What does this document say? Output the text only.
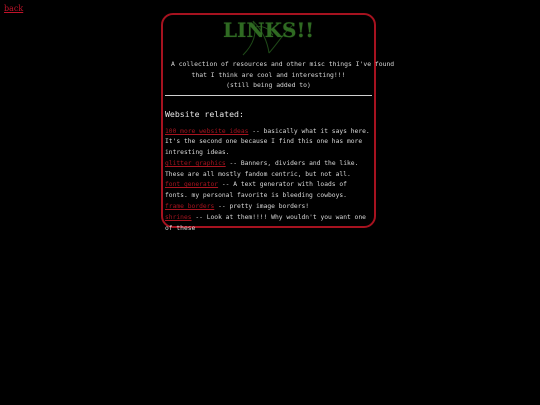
back
LINKS!!
A collection of resources and other misc things I've found
that I think are cool and interesting!!!
(still being added to)
Website related:
100 more website ideas -- basically what it says here. It's the second one because I find this one has more intresting ideas.
glitter graphics -- Banners, dividers and the like. These are all mostly fandom centric, but not all.
font generator -- A text generator with loads of fonts. my personal favorite is bleeding cowboys.
frame borders -- pretty image borders!
shrines -- Look at them!!!! Why wouldn't you want one of these
